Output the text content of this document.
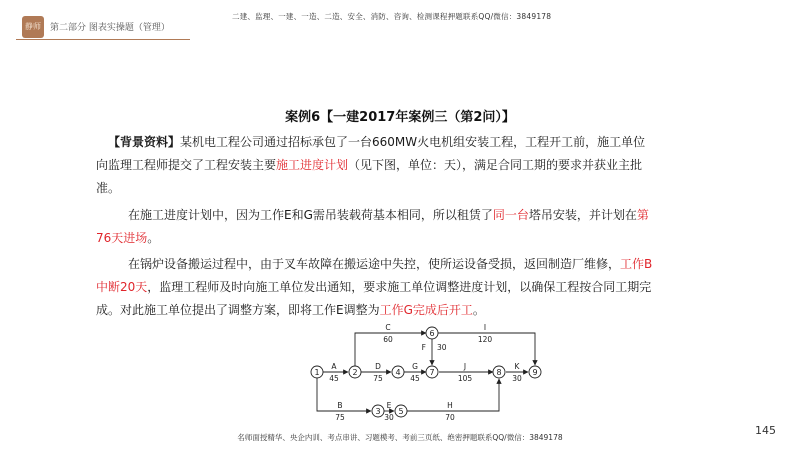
静师	第二部分 图表实操题（管理）
二建、监理、一建、一造、二造、安全、消防、咨询、检测课程押题联系QQ/微信：3849178
案例6【一建2017年案例三（第2问）】
【背景资料】某机电工程公司通过招标承包了一台660MW火电机组安装工程，工程开工前，施工单位向监理工程师提交了工程安装主要施工进度计划（见下图，单位：天），满足合同工期的要求并获业主批准。
在施工进度计划中，因为工作E和G需吊装载荷基本相同，所以租赁了同一台塔吊安装，并计划在第76天进场。
在锅炉设备搬运过程中，由于叉车故障在搬运途中失控，使所运设备受损，返回制造厂维修，工作B中断20天，监理工程师及时向施工单位发出通知，要求施工单位调整进度计划，以确保工程按合同工期完成。对此施工单位提出了调整方案，即将工作E调整为工作G完成后开工。
1	2
3
4
5
6
7	8	9
A
45
B
75
C
60
D
75
E
30
F 30
G
45
H
70
I
120
J
105
K
30
名师面授精华、央企内训、考点串讲、习题模考、考前三页纸、绝密押题联系QQ/微信：3849178
145
